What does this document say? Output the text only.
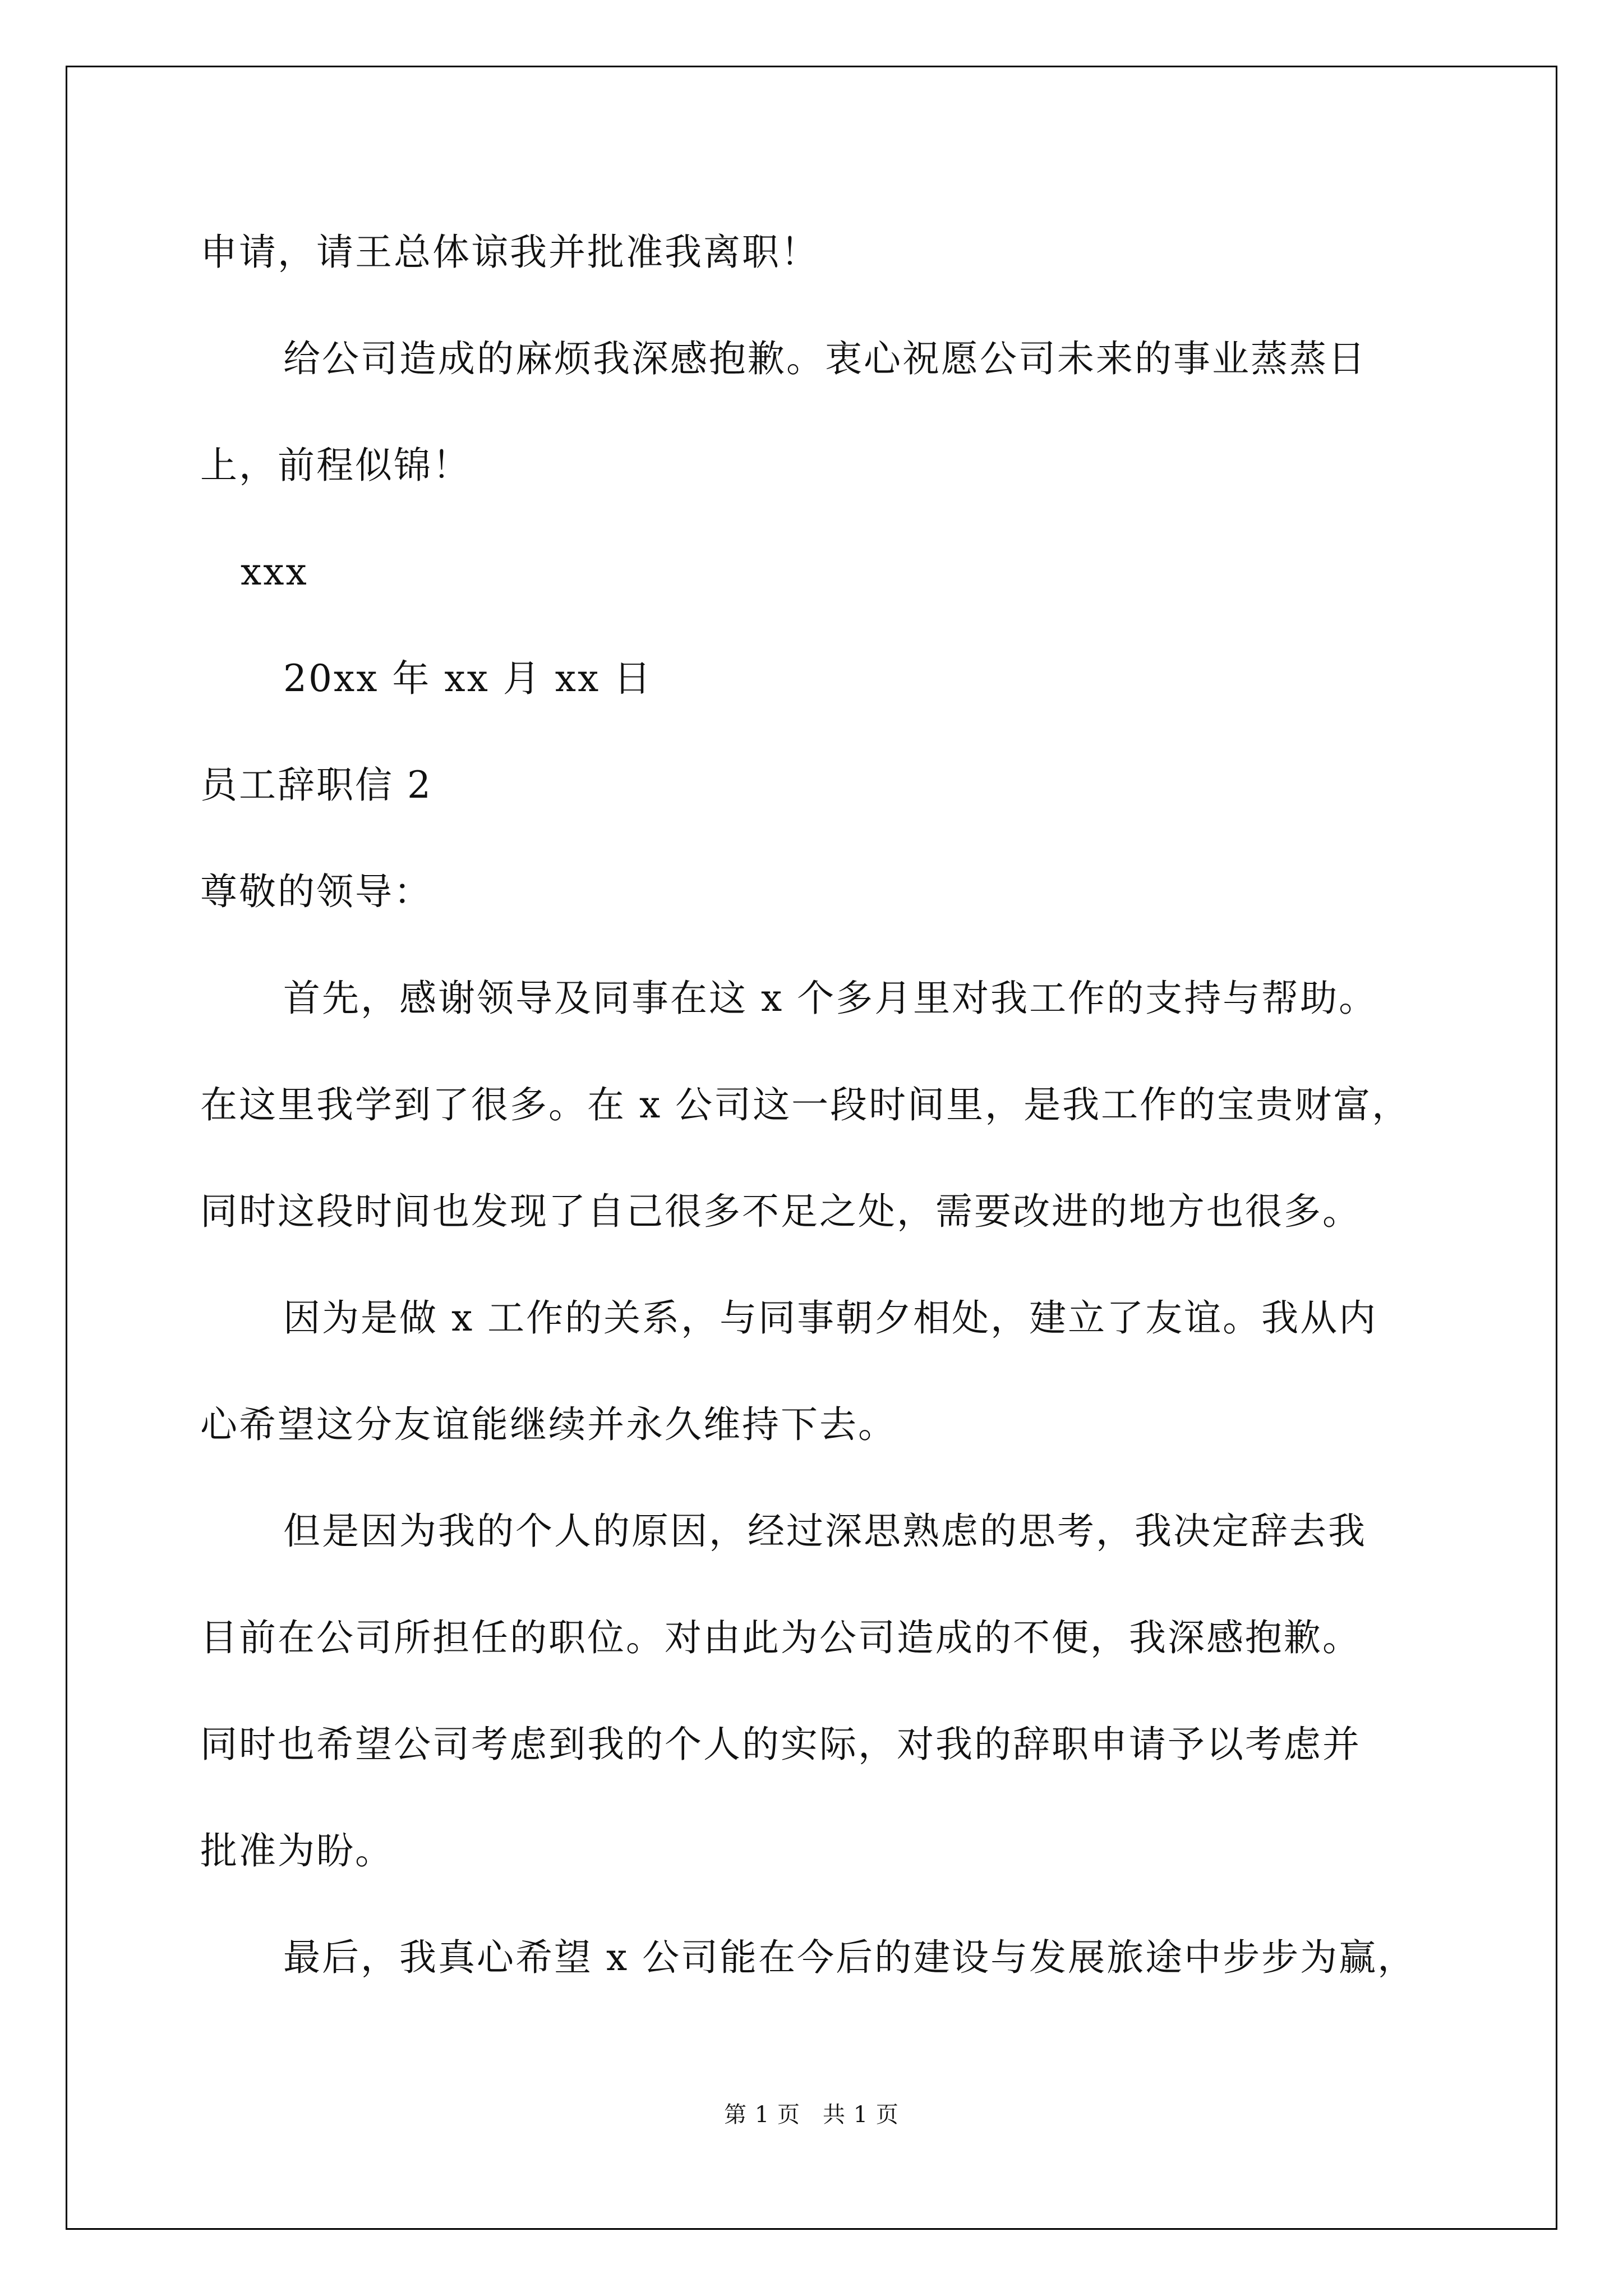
申请，请王总体谅我并批准我离职！
给公司造成的麻烦我深感抱歉。衷心祝愿公司未来的事业蒸蒸日
上，前程似锦！
xxx
20xx 年 xx 月 xx 日
员工辞职信 2
尊敬的领导：
首先，感谢领导及同事在这 x 个多月里对我工作的支持与帮助。
在这里我学到了很多。在 x 公司这一段时间里，是我工作的宝贵财富，
同时这段时间也发现了自己很多不足之处，需要改进的地方也很多。
因为是做 x 工作的关系，与同事朝夕相处，建立了友谊。我从内
心希望这分友谊能继续并永久维持下去。
但是因为我的个人的原因，经过深思熟虑的思考，我决定辞去我
目前在公司所担任的职位。对由此为公司造成的不便，我深感抱歉。
同时也希望公司考虑到我的个人的实际，对我的辞职申请予以考虑并
批准为盼。
最后，我真心希望 x 公司能在今后的建设与发展旅途中步步为赢，
第 1 页 共 1 页
